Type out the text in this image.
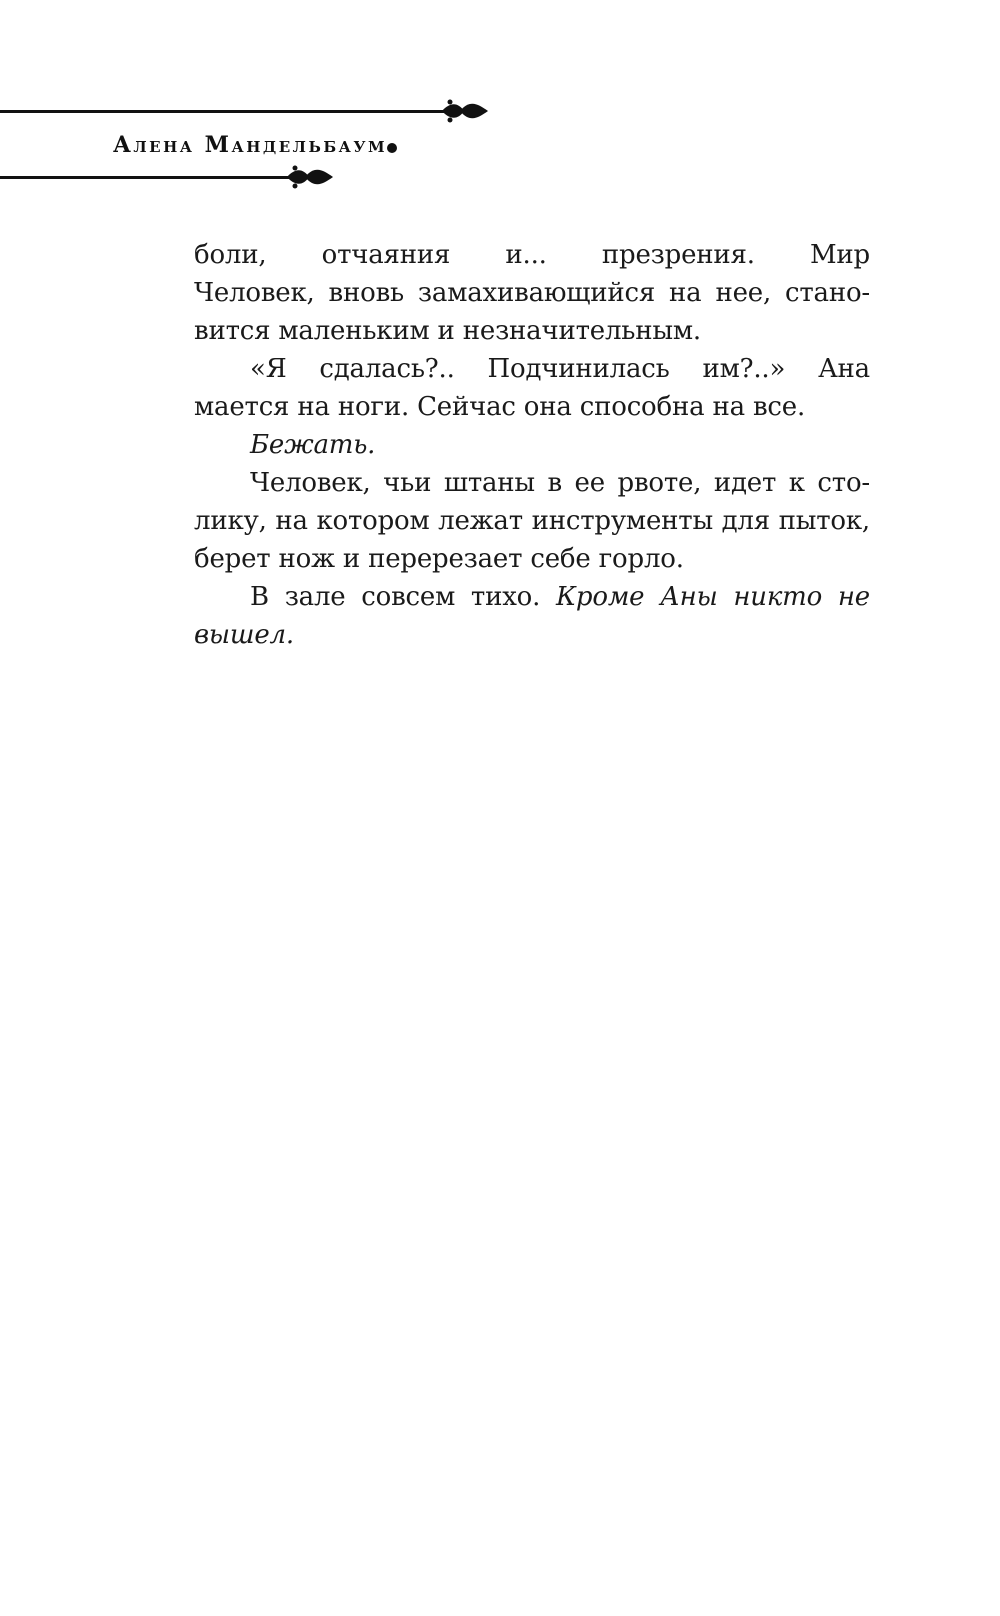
Алена Мандельбаум
боли, отчаяния и... презрения. Мир
Человек, вновь замахивающийся на нее, стано-
вится маленьким и незначительным.
«Я сдалась?.. Подчинилась им?..» Ана
мается на ноги. Сейчас она способна на все.
Бежать.
Человек, чьи штаны в ее рвоте, идет к сто-
лику, на котором лежат инструменты для пыток,
берет нож и перерезает себе горло.
В зале совсем тихо. Кроме Аны никто не
вышел.
